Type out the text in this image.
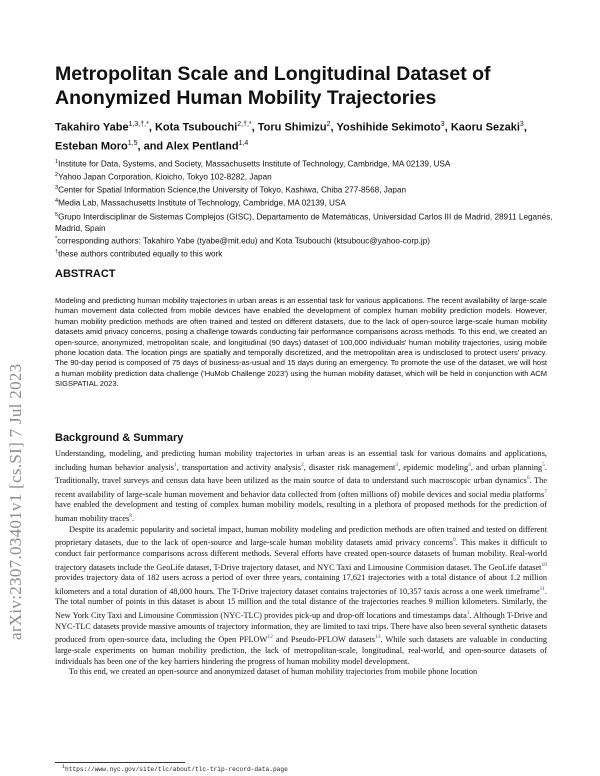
arXiv:2307.03401v1 [cs.SI] 7 Jul 2023
Metropolitan Scale and Longitudinal Dataset of Anonymized Human Mobility Trajectories
Takahiro Yabe$^{1,3,\dagger,*}$, Kota Tsubouchi$^{2,\dagger,*}$, Toru Shimizu$^2$, Yoshihide Sekimoto$^3$, Kaoru Sezaki$^3$, Esteban Moro$^{1,5}$, and Alex Pentland$^{1,4}$
$^1$Institute for Data, Systems, and Society, Massachusetts Institute of Technology, Cambridge, MA 02139, USA
$^2$Yahoo Japan Corporation, Kioicho, Tokyo 102-8282, Japan
$^3$Center for Spatial Information Science,the University of Tokyo, Kashiwa, Chiba 277-8568, Japan
$^4$Media Lab, Massachusetts Institute of Technology, Cambridge, MA 02139, USA
$^5$Grupo Interdisciplinar de Sistemas Complejos (GISC), Departamento de Matemáticas, Universidad Carlos III de Madrid, 28911 Leganés, Madrid, Spain
*corresponding authors: Takahiro Yabe (tyabe@mit.edu) and Kota Tsubouchi (ktsubouc@yahoo-corp.jp)
†these authors contributed equally to this work
ABSTRACT
Modeling and predicting human mobility trajectories in urban areas is an essential task for various applications. The recent availability of large-scale human movement data collected from mobile devices have enabled the development of complex human mobility prediction models. However, human mobility prediction methods are often trained and tested on different datasets, due to the lack of open-source large-scale human mobility datasets amid privacy concerns, posing a challenge towards conducting fair performance comparisons across methods. To this end, we created an open-source, anonymized, metropolitan scale, and longitudinal (90 days) dataset of 100,000 individuals' human mobility trajectories, using mobile phone location data. The location pings are spatially and temporally discretized, and the metropolitan area is undisclosed to protect users' privacy. The 90-day period is composed of 75 days of business-as-usual and 15 days during an emergency. To promote the use of the dataset, we will host a human mobility prediction data challenge ('HuMob Challenge 2023') using the human mobility dataset, which will be held in conjunction with ACM SIGSPATIAL 2023.
Background & Summary

Understanding, modeling, and predicting human mobility trajectories in urban areas is an essential task for various domains and applications, including human behavior analysis$^1$, transportation and activity analysis$^2$, disaster risk management$^3$, epidemic modeling$^4$, and urban planning$^5$. Traditionally, travel surveys and census data have been utilized as the main source of data to understand such macroscopic urban dynamics$^6$. The recent availability of large-scale human movement and behavior data collected from (often millions of) mobile devices and social media platforms$^7$ have enabled the development and testing of complex human mobility models, resulting in a plethora of proposed methods for the prediction of human mobility traces$^8$.

Despite its academic popularity and societal impact, human mobility modeling and prediction methods are often trained and tested on different proprietary datasets, due to the lack of open-source and large-scale human mobility datasets amid privacy concerns$^9$. This makes it difficult to conduct fair performance comparisons across different methods. Several efforts have created open-source datasets of human mobility. Real-world trajectory datasets include the GeoLife dataset, T-Drive trajectory dataset, and NYC Taxi and Limousine Commision dataset. The GeoLife dataset$^{10}$ provides trajectory data of 182 users across a period of over three years, containing 17,621 trajectories with a total distance of about 1.2 million kilometers and a total duration of 48,000 hours. The T-Drive trajectory dataset contains trajectories of 10,357 taxis across a one week timeframe$^{11}$. The total number of points in this dataset is about 15 million and the total distance of the trajectories reaches 9 million kilometers. Similarly, the New York City Taxi and Limousine Commission (NYC-TLC) provides pick-up and drop-off locations and timestamps data$^1$. Although T-Drive and NYC-TLC datasets provide massive amounts of trajectory information, they are limited to taxi trips. There have also been several synthetic datasets produced from open-source data, including the Open PFLOW$^{12}$ and Pseudo-PFLOW datasets$^{13}$. While such datasets are valuable in conducting large-scale experiments on human mobility prediction, the lack of metropolitan-scale, longitudinal, real-world, and open-source datasets of individuals has been one of the key barriers hindering the progress of human mobility model development.

To this end, we created an open-source and anonymized dataset of human mobility trajectories from mobile phone location

$^1$https://www.nyc.gov/site/tlc/about/tlc-trip-record-data.page
